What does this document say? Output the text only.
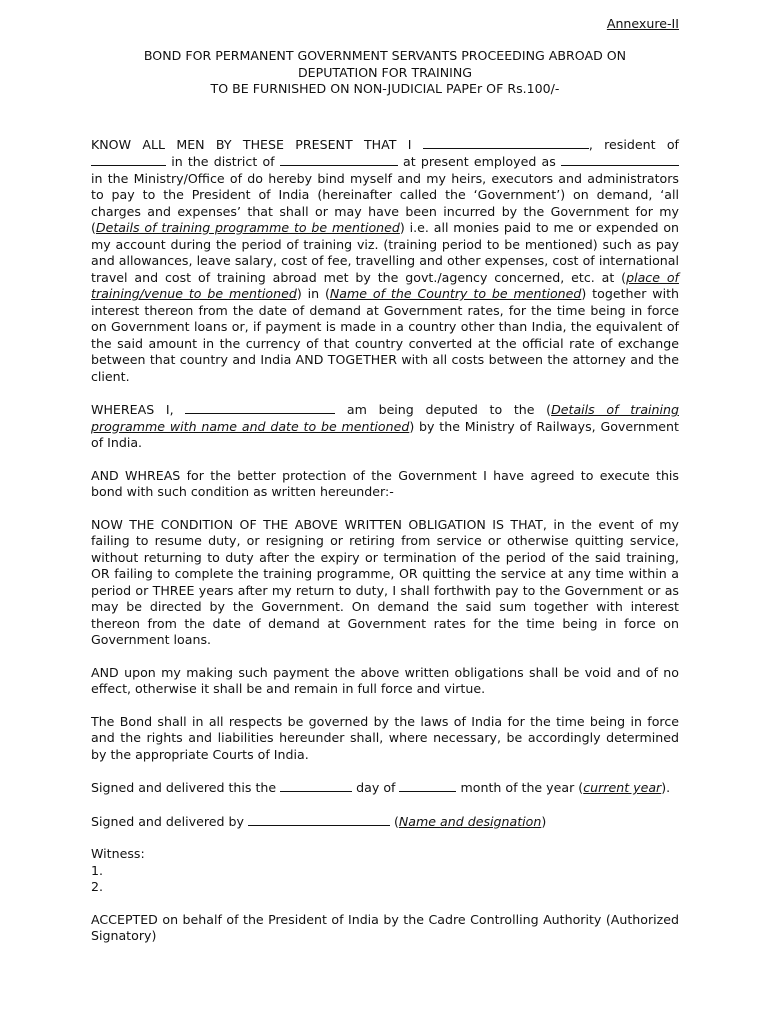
Annexure-II
BOND FOR PERMANENT GOVERNMENT SERVANTS PROCEEDING ABROAD ON
DEPUTATION FOR TRAINING
TO BE FURNISHED ON NON-JUDICIAL PAPEr OF Rs.100/-

KNOW ALL MEN BY THESE PRESENT THAT I	, resident of  in the district of	at present employed as  in the Ministry/Office of do hereby bind myself and my heirs, executors and administrators to pay to the President of India (hereinafter called the ‘Government’) on demand, ‘all charges and expenses’ that shall or may have been incurred by the Government for my (Details of training programme to be mentioned) i.e. all monies paid to me or expended on my account during the period of training viz. (training period to be mentioned) such as pay and allowances, leave salary, cost of fee, travelling and other expenses, cost of international travel and cost of training abroad met by the govt./agency concerned, etc. at (place of training/venue to be mentioned) in (Name of the Country to be mentioned) together with interest thereon from the date of demand at Government rates, for the time being in force on Government loans or, if payment is made in a country other than India, the equivalent of the said amount in the currency of that country converted at the official rate of exchange between that country and India AND TOGETHER with all costs between the attorney and the client.

WHEREAS I,	am being deputed to the (Details of training programme with name and date to be mentioned) by the Ministry of Railways, Government of India.

AND WHREAS for the better protection of the Government I have agreed to execute this bond with such condition as written hereunder:-

NOW THE CONDITION OF THE ABOVE WRITTEN OBLIGATION IS THAT, in the event of my failing to resume duty, or resigning or retiring from service or otherwise quitting service, without returning to duty after the expiry or termination of the period of the said training, OR failing to complete the training programme, OR quitting the service at any time within a period or THREE years after my return to duty, I shall forthwith pay to the Government or as may be directed by the Government. On demand the said sum together with interest thereon from the date of demand at Government rates for the time being in force on Government loans.

AND upon my making such payment the above written obligations shall be void and of no effect, otherwise it shall be and remain in full force and virtue.

The Bond shall in all respects be governed by the laws of India for the time being in force and the rights and liabilities hereunder shall, where necessary, be accordingly determined by the appropriate Courts of India.

Signed and delivered this the	day of	month of the year (current year).

Signed and delivered by	(Name and designation)

Witness:
1.
2.

ACCEPTED on behalf of the President of India by the Cadre Controlling Authority (Authorized Signatory)
